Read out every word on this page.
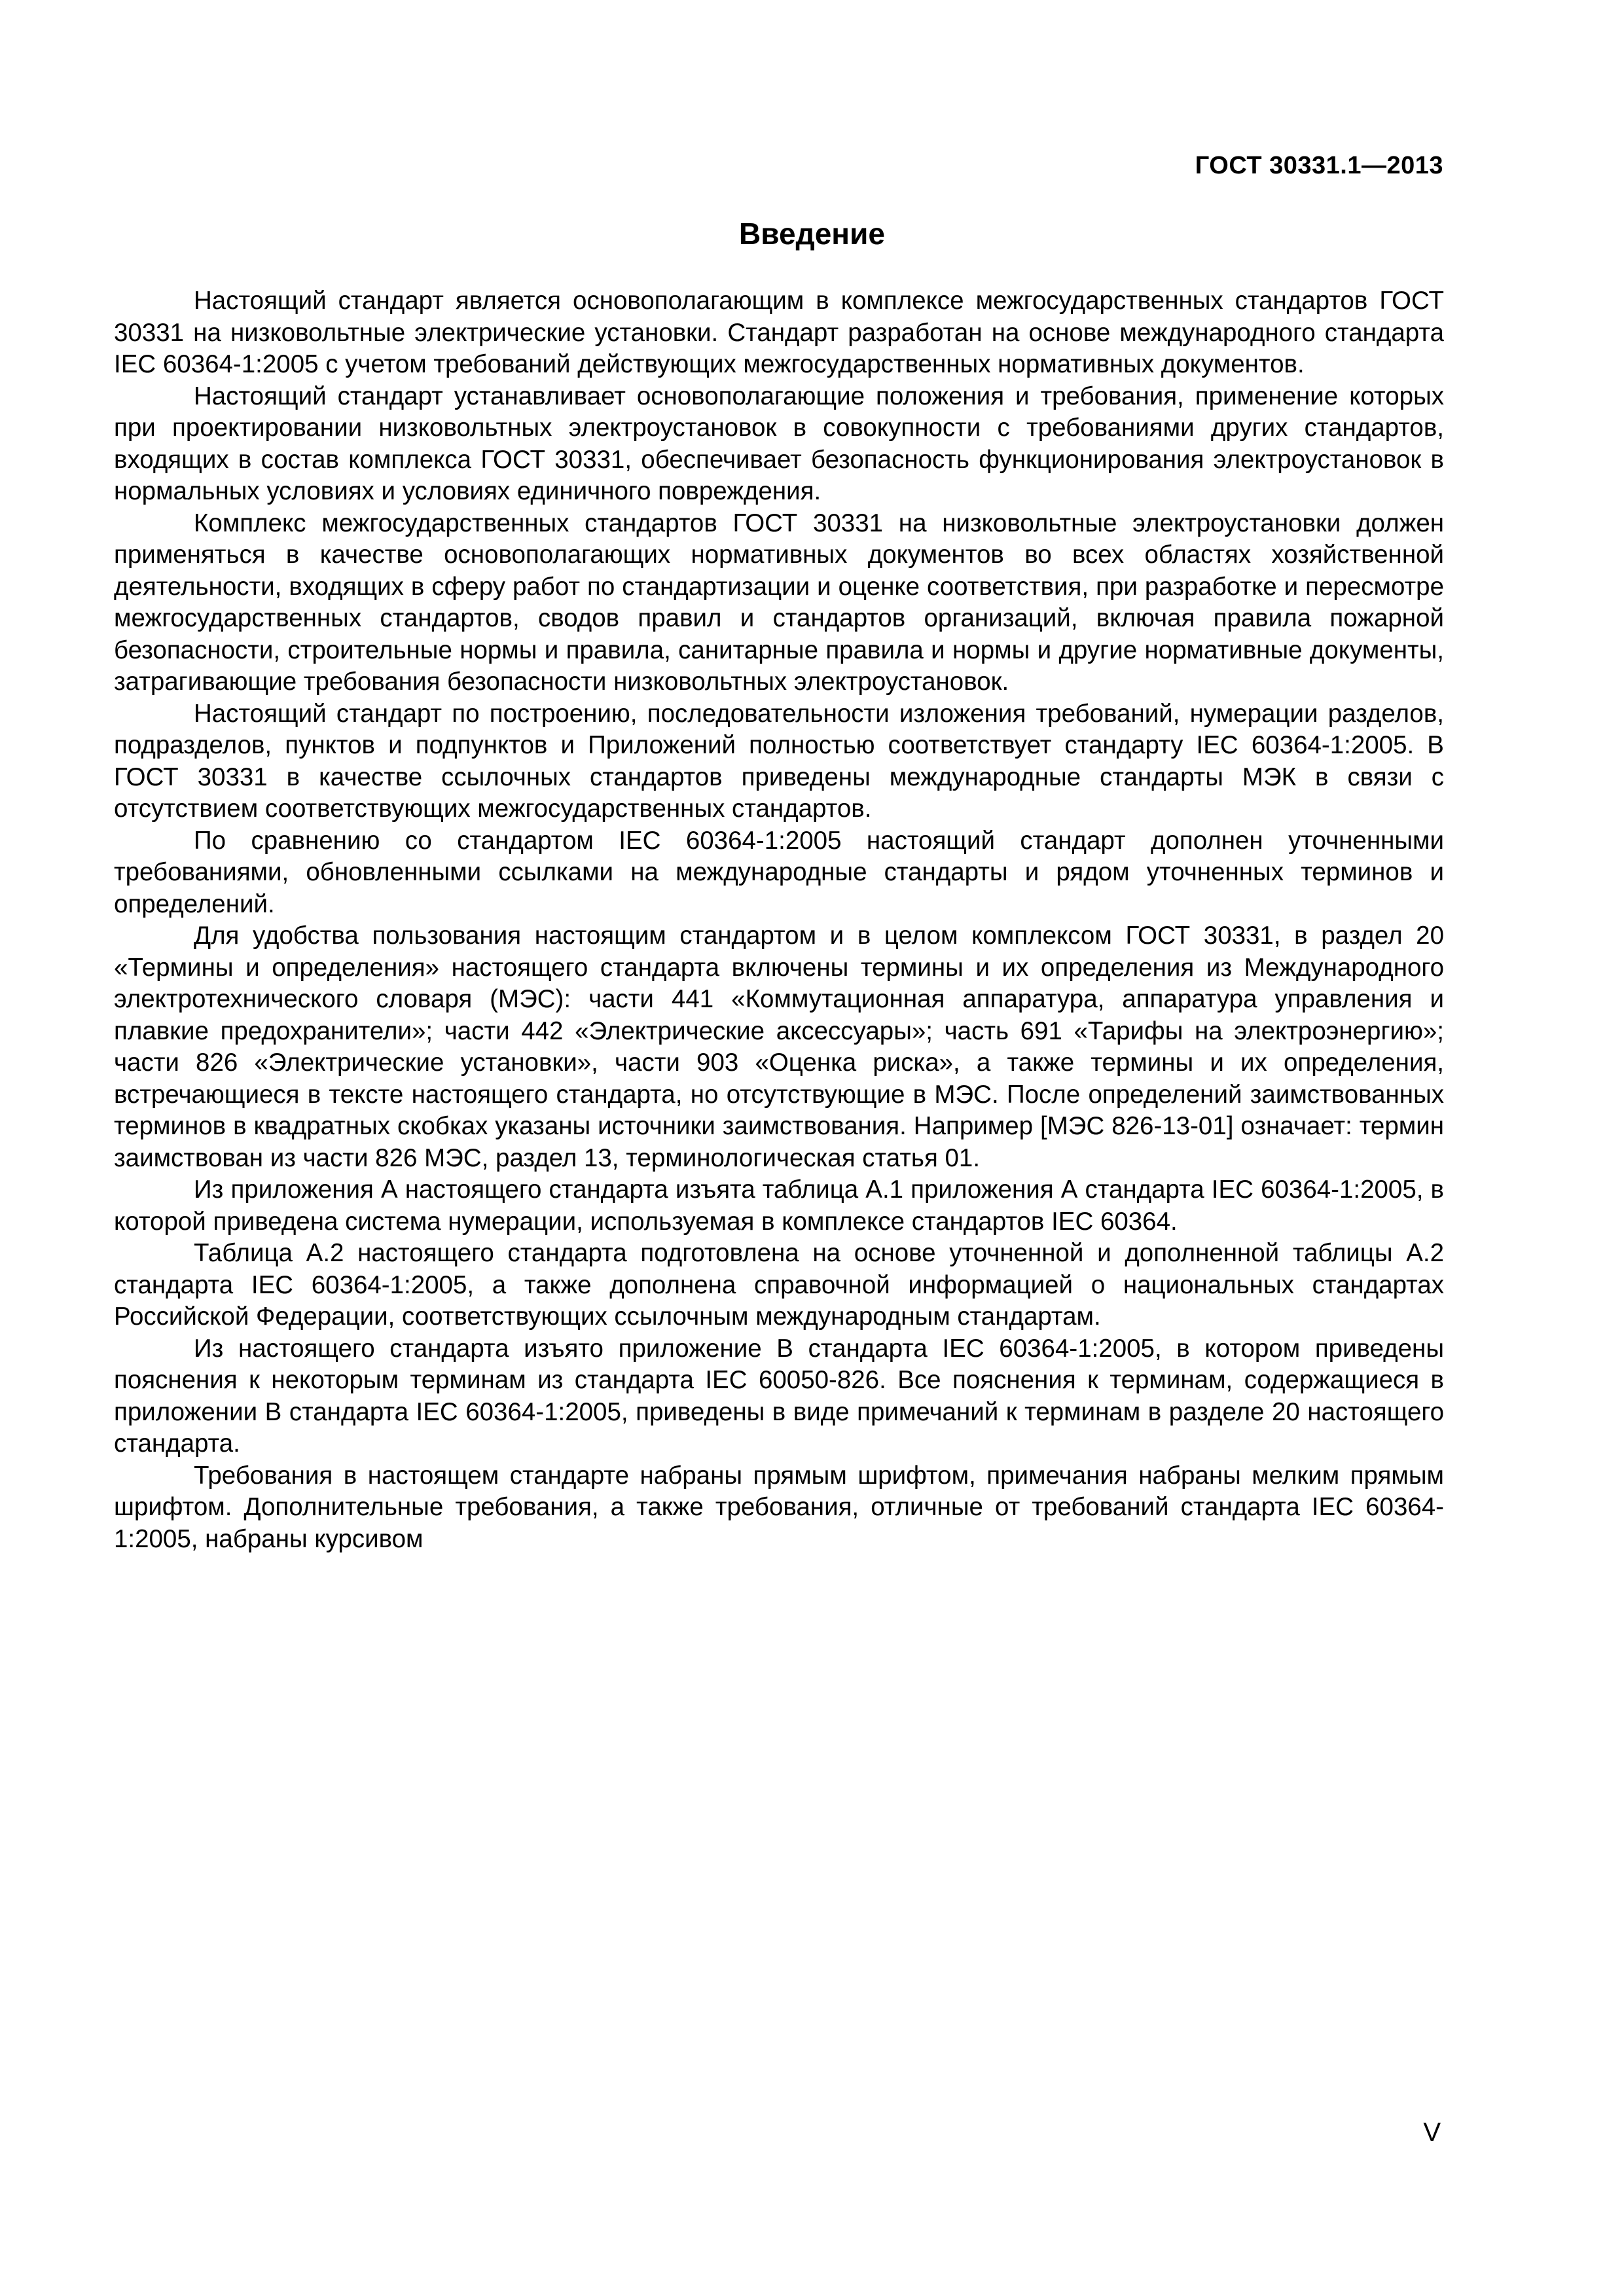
ГОСТ 30331.1—2013
Введение

Настоящий стандарт является основополагающим в комплексе межгосударственных стандартов ГОСТ 30331 на низковольтные электрические установки. Стандарт разработан на основе международного стандарта IEC 60364-1:2005 с учетом требований действующих межгосударственных нормативных документов.

Настоящий стандарт устанавливает основополагающие положения и требования, применение которых при проектировании низковольтных электроустановок в совокупности с требованиями других стандартов, входящих в состав комплекса ГОСТ 30331, обеспечивает безопасность функционирования электроустановок в нормальных условиях и условиях единичного повреждения.

Комплекс межгосударственных стандартов ГОСТ 30331 на низковольтные электроустановки должен применяться в качестве основополагающих нормативных документов во всех областях хозяйственной деятельности, входящих в сферу работ по стандартизации и оценке соответствия, при разработке и пересмотре межгосударственных стандартов, сводов правил и стандартов организаций, включая правила пожарной безопасности, строительные нормы и правила, санитарные правила и нормы и другие нормативные документы, затрагивающие требования безопасности низковольтных электроустановок.

Настоящий стандарт по построению, последовательности изложения требований, нумерации разделов, подразделов, пунктов и подпунктов и Приложений полностью соответствует стандарту IEC 60364-1:2005. В ГОСТ 30331 в качестве ссылочных стандартов приведены международные стандарты МЭК в связи с отсутствием соответствующих межгосударственных стандартов.

По сравнению со стандартом IEC 60364-1:2005 настоящий стандарт дополнен уточненными требованиями, обновленными ссылками на международные стандарты и рядом уточненных терминов и определений.

Для удобства пользования настоящим стандартом и в целом комплексом ГОСТ 30331, в раздел 20 «Термины и определения» настоящего стандарта включены термины и их определения из Международного электротехнического словаря (МЭС): части 441 «Коммутационная аппаратура, аппаратура управления и плавкие предохранители»; части 442 «Электрические аксессуары»; часть 691 «Тарифы на электроэнергию»; части 826 «Электрические установки», части 903 «Оценка риска», а также термины и их определения, встречающиеся в тексте настоящего стандарта, но отсутствующие в МЭС. После определений заимствованных терминов в квадратных скобках указаны источники заимствования. Например [МЭС 826-13-01] означает: термин заимствован из части 826 МЭС, раздел 13, терминологическая статья 01.

Из приложения А настоящего стандарта изъята таблица А.1 приложения А стандарта IEC 60364-1:2005, в которой приведена система нумерации, используемая в комплексе стандартов IEC 60364.

Таблица А.2 настоящего стандарта подготовлена на основе уточненной и дополненной таблицы А.2 стандарта IEC 60364-1:2005, а также дополнена справочной информацией о национальных стандартах Российской Федерации, соответствующих ссылочным международным стандартам.

Из настоящего стандарта изъято приложение В стандарта IEC 60364-1:2005, в котором приведены пояснения к некоторым терминам из стандарта IEC 60050-826. Все пояснения к терминам, содержащиеся в приложении В стандарта IEC 60364-1:2005, приведены в виде примечаний к терминам в разделе 20 настоящего стандарта.

Требования в настоящем стандарте набраны прямым шрифтом, примечания набраны мелким прямым шрифтом. Дополнительные требования, а также требования, отличные от требований стандарта IEC 60364-1:2005, набраны курсивом

V
